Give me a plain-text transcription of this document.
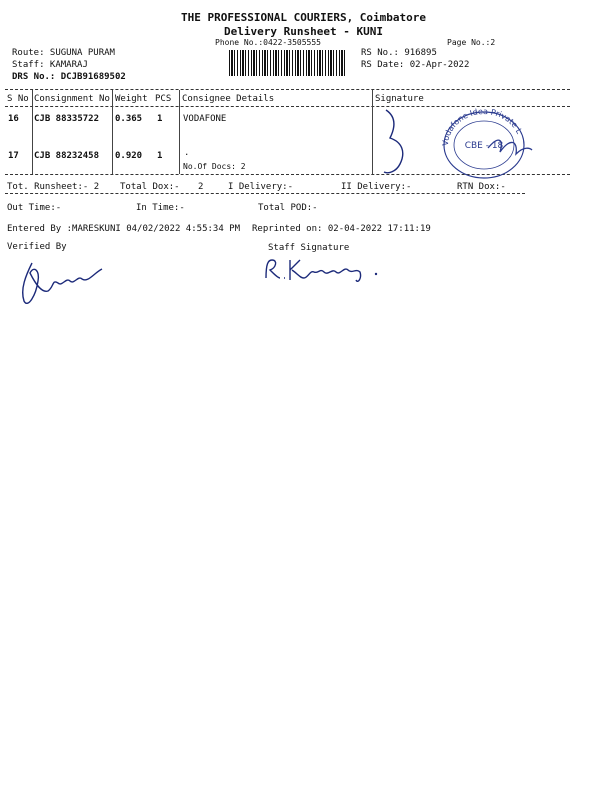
THE PROFESSIONAL COURIERS, Coimbatore
Delivery Runsheet - KUNI
Phone No.:0422-3505555	Page No.:2
Route: SUGUNA PURAM
Staff: KAMARAJ
DRS No.: DCJB91689502
RS No.: 916895
RS Date: 02-Apr-2022
S No Consignment No Weight PCS Consignee Details	Signature
16 CJB 88335722 0.365 1 VODAFONE
17 CJB 88232458 0.920 1 .
No.Of Docs: 2
Vodafone Idea Private L
CBE - 18
Tot. Runsheet:- 2 Total Dox:- 2	I Delivery:-	II Delivery:-	RTN Dox:-
Out Time:-	In Time:-	Total POD:-
Entered By :MARESKUNI 04/02/2022 4:55:34 PM Reprinted on: 02-04-2022 17:11:19
Verified By	Staff Signature
